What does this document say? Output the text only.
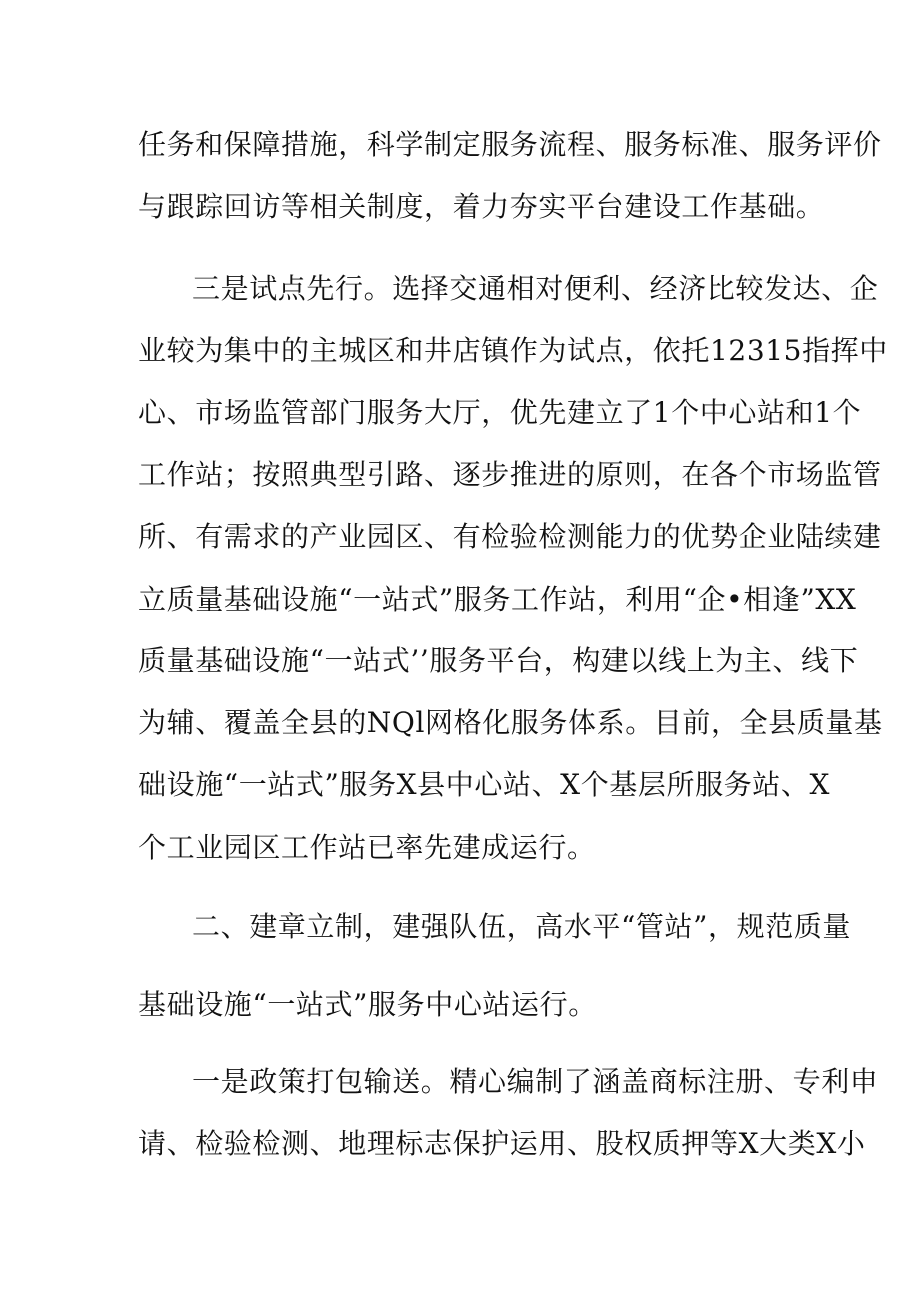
任务和保障措施，科学制定服务流程、服务标准、服务评价
与跟踪回访等相关制度，着力夯实平台建设工作基础。
三是试点先行。选择交通相对便利、经济比较发达、企
业较为集中的主城区和井店镇作为试点，依托12315指挥中
心、市场监管部门服务大厅，优先建立了1个中心站和1个
工作站；按照典型引路、逐步推进的原则，在各个市场监管
所、有需求的产业园区、有检验检测能力的优势企业陆续建
立质量基础设施“一站式”服务工作站，利用“企•相逢”XX
质量基础设施“一站式’’服务平台，构建以线上为主、线下
为辅、覆盖全县的NQl网格化服务体系。目前，全县质量基
础设施“一站式”服务X县中心站、X个基层所服务站、X
个工业园区工作站已率先建成运行。
二、建章立制，建强队伍，高水平“管站”，规范质量
基础设施“一站式”服务中心站运行。
一是政策打包输送。精心编制了涵盖商标注册、专利申
请、检验检测、地理标志保护运用、股权质押等X大类X小
